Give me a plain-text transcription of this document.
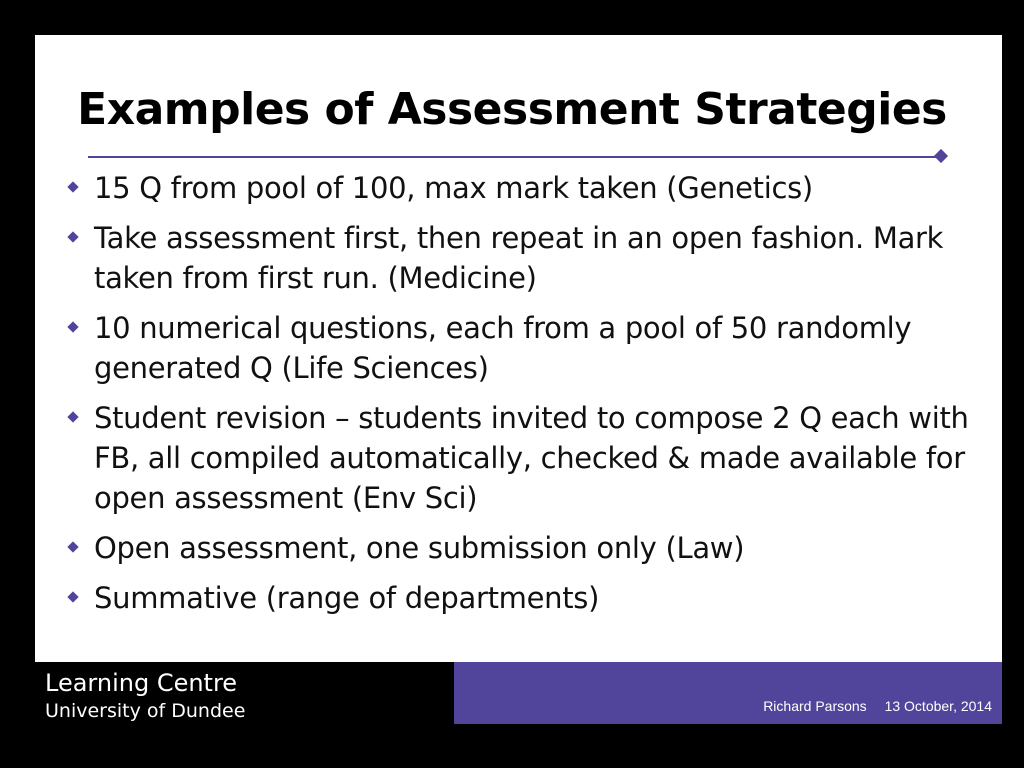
Examples of Assessment Strategies
15 Q from pool of 100, max mark taken (Genetics)
Take assessment first, then repeat in an open fashion. Mark taken from first run. (Medicine)
10 numerical questions, each from a pool of 50 randomly generated Q (Life Sciences)
Student revision – students invited to compose 2 Q each with FB, all compiled automatically, checked & made available for open assessment (Env Sci)
Open assessment, one submission only (Law)
Summative (range of departments)
Learning Centre
University of Dundee	Richard Parsons 13 October, 2014
